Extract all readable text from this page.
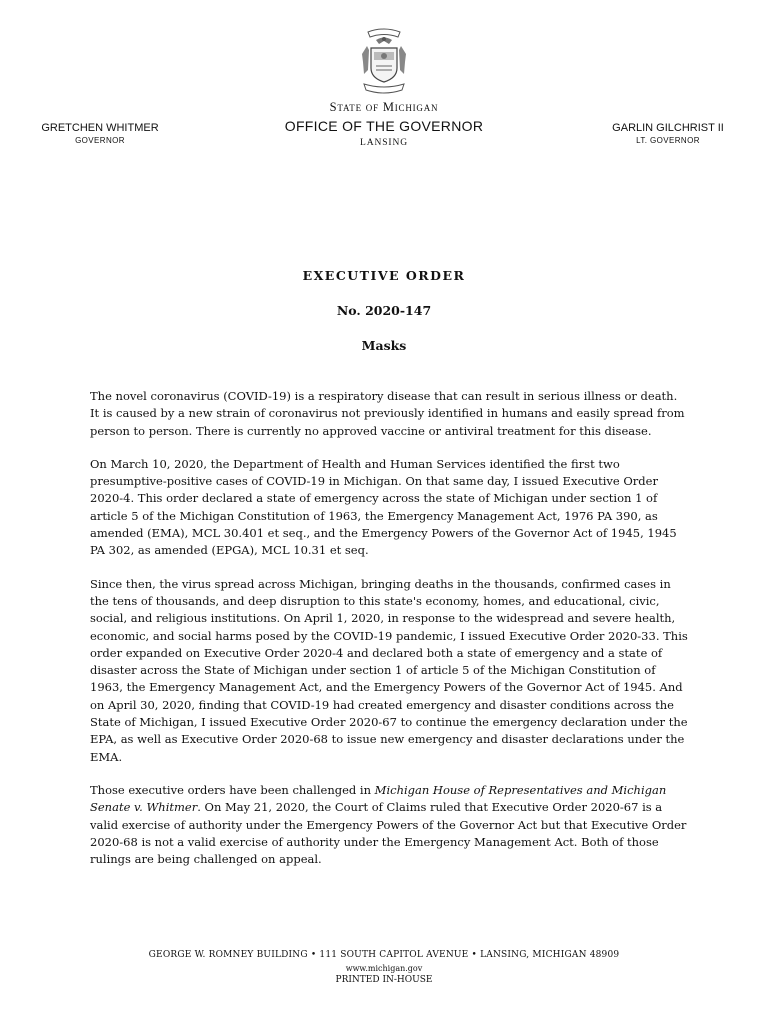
State of Michigan
OFFICE OF THE GOVERNOR
LANSING
GRETCHEN WHITMER
GOVERNOR
GARLIN GILCHRIST II
LT. GOVERNOR
EXECUTIVE ORDER
No. 2020-147
Masks

The novel coronavirus (COVID-19) is a respiratory disease that can result in serious illness or death. It is caused by a new strain of coronavirus not previously identified in humans and easily spread from person to person. There is currently no approved vaccine or antiviral treatment for this disease.

On March 10, 2020, the Department of Health and Human Services identified the first two presumptive-positive cases of COVID-19 in Michigan. On that same day, I issued Executive Order 2020-4. This order declared a state of emergency across the state of Michigan under section 1 of article 5 of the Michigan Constitution of 1963, the Emergency Management Act, 1976 PA 390, as amended (EMA), MCL 30.401 et seq., and the Emergency Powers of the Governor Act of 1945, 1945 PA 302, as amended (EPGA), MCL 10.31 et seq.

Since then, the virus spread across Michigan, bringing deaths in the thousands, confirmed cases in the tens of thousands, and deep disruption to this state's economy, homes, and educational, civic, social, and religious institutions. On April 1, 2020, in response to the widespread and severe health, economic, and social harms posed by the COVID-19 pandemic, I issued Executive Order 2020-33. This order expanded on Executive Order 2020-4 and declared both a state of emergency and a state of disaster across the State of Michigan under section 1 of article 5 of the Michigan Constitution of 1963, the Emergency Management Act, and the Emergency Powers of the Governor Act of 1945. And on April 30, 2020, finding that COVID-19 had created emergency and disaster conditions across the State of Michigan, I issued Executive Order 2020-67 to continue the emergency declaration under the EPA, as well as Executive Order 2020-68 to issue new emergency and disaster declarations under the EMA.

Those executive orders have been challenged in Michigan House of Representatives and Michigan Senate v. Whitmer. On May 21, 2020, the Court of Claims ruled that Executive Order 2020-67 is a valid exercise of authority under the Emergency Powers of the Governor Act but that Executive Order 2020-68 is not a valid exercise of authority under the Emergency Management Act. Both of those rulings are being challenged on appeal.

GEORGE W. ROMNEY BUILDING • 111 SOUTH CAPITOL AVENUE • LANSING, MICHIGAN 48909
www.michigan.gov
PRINTED IN-HOUSE
